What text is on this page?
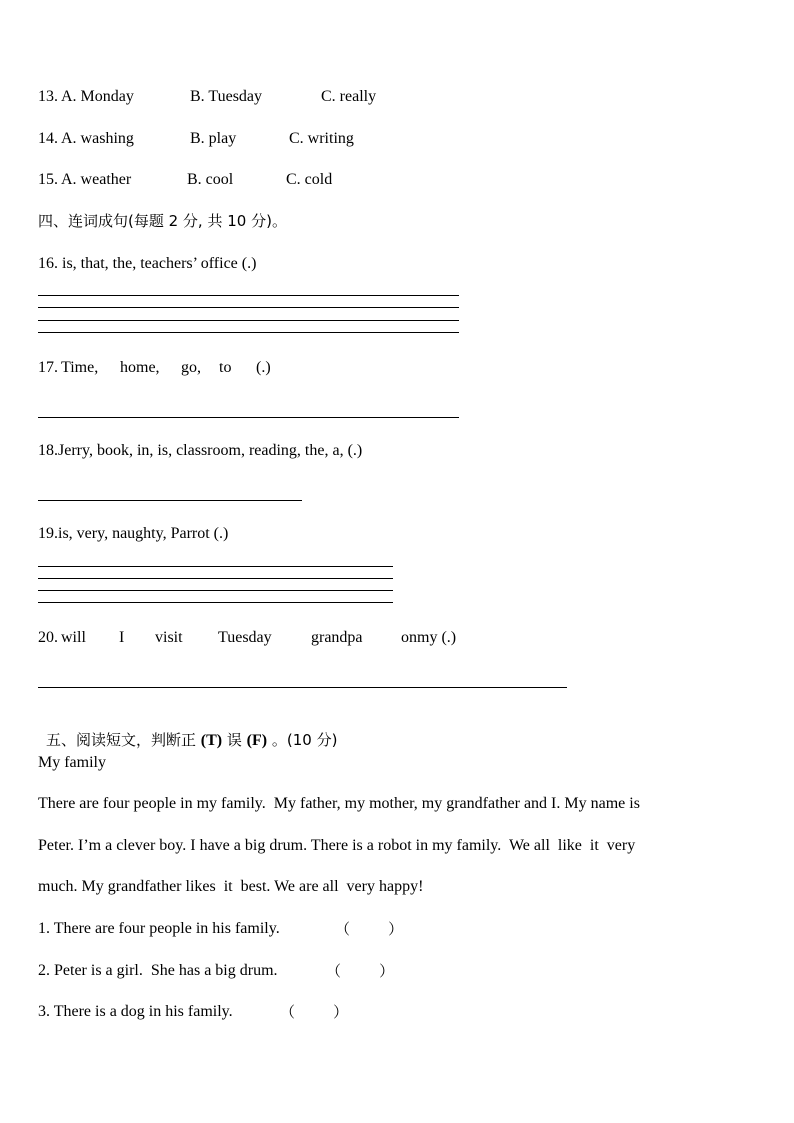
13. A. Monday	B. Tuesday	C. really
14. A. washing	B. play	C. writing
15. A. weather	B. cool	C. cold
四、连词成句(每题 2 分, 共 10 分)。
16. is, that, the, teachers’ office (.)
17. Time, home, go, to (.)
18.Jerry, book, in, is, classroom, reading, the, a, (.)
19.is, very, naughty, Parrot (.)
20. will I visit Tuesday grandpa onmy (.)

五、阅读短文，判断正 (T) 误 (F) 。(10 分)

My family
There are four people in my family.  My father, my mother, my grandfather and I. My name is
Peter. I’m a clever boy. I have a big drum. There is a robot in my family.  We all  like  it  very
much. My grandfather likes  it  best. We are all  very happy!
1. There are four people in his family.	（        ）
2. Peter is a girl.  She has a big drum.	（        ）
3. There is a dog in his family.	（        ）
